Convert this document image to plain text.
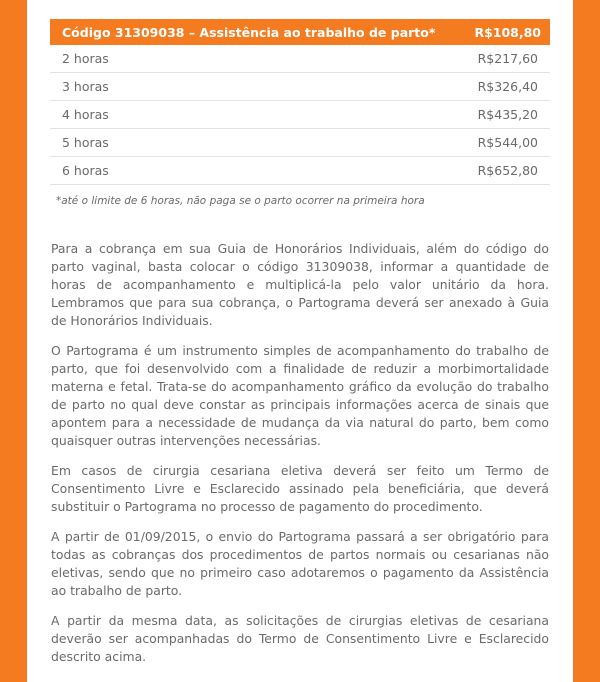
Código 31309038 – Assistência ao trabalho de parto*	R$108,80
2 horas	R$217,60
3 horas	R$326,40
4 horas	R$435,20
5 horas	R$544,00
6 horas	R$652,80
*até o limite de 6 horas, não paga se o parto ocorrer na primeira hora

Para a cobrança em sua Guia de Honorários Individuais, além do código do parto vaginal, basta colocar o código 31309038, informar a quantidade de horas de acompanhamento e multiplicá-la pelo valor unitário da hora. Lembramos que para sua cobrança, o Partograma deverá ser anexado à Guia de Honorários Individuais.

O Partograma é um instrumento simples de acompanhamento do trabalho de parto, que foi desenvolvido com a finalidade de reduzir a morbimortalidade materna e fetal. Trata-se do acompanhamento gráfico da evolução do trabalho de parto no qual deve constar as principais informações acerca de sinais que apontem para a necessidade de mudança da via natural do parto, bem como quaisquer outras intervenções necessárias.

Em casos de cirurgia cesariana eletiva deverá ser feito um Termo de Consentimento Livre e Esclarecido assinado pela beneficiária, que deverá substituir o Partograma no processo de pagamento do procedimento.

A partir de 01/09/2015, o envio do Partograma passará a ser obrigatório para todas as cobranças dos procedimentos de partos normais ou cesarianas não eletivas, sendo que no primeiro caso adotaremos o pagamento da Assistência ao trabalho de parto.

A partir da mesma data, as solicitações de cirurgias eletivas de cesariana deverão ser acompanhadas do Termo de Consentimento Livre e Esclarecido descrito acima.
